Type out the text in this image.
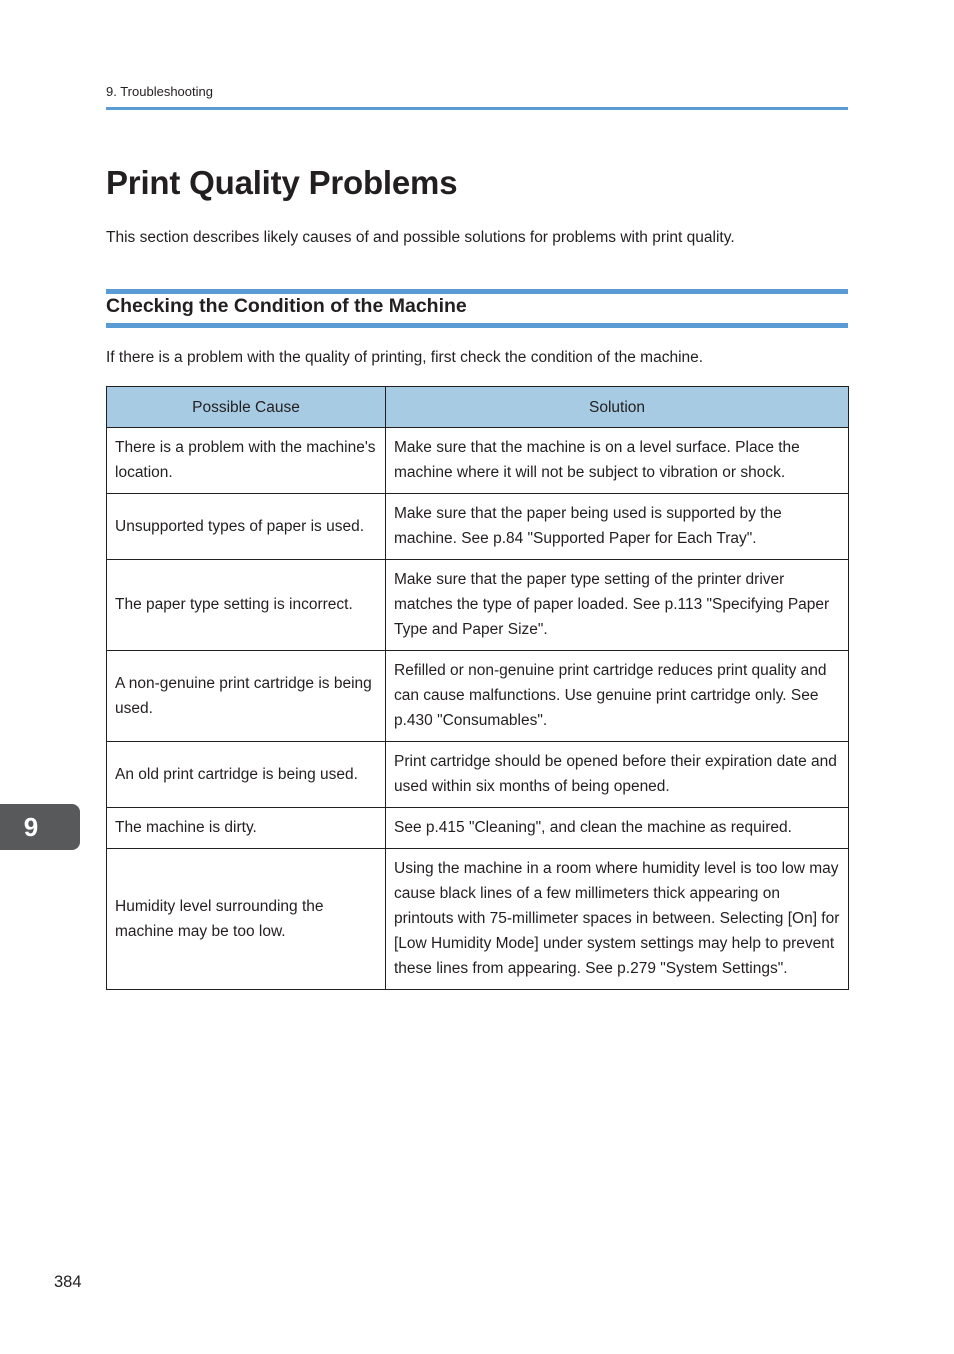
9. Troubleshooting
Print Quality Problems

This section describes likely causes of and possible solutions for problems with print quality.

Checking the Condition of the Machine

If there is a problem with the quality of printing, first check the condition of the machine.

Possible Cause	Solution
There is a problem with the machine's location.	Make sure that the machine is on a level surface. Place the machine where it will not be subject to vibration or shock.
Unsupported types of paper is used.	Make sure that the paper being used is supported by the machine. See p.84 "Supported Paper for Each Tray".
The paper type setting is incorrect.	Make sure that the paper type setting of the printer driver matches the type of paper loaded. See p.113 "Specifying Paper Type and Paper Size".
A non-genuine print cartridge is being used.	Refilled or non-genuine print cartridge reduces print quality and can cause malfunctions. Use genuine print cartridge only. See p.430 "Consumables".
An old print cartridge is being used.	Print cartridge should be opened before their expiration date and used within six months of being opened.
The machine is dirty.	See p.415 "Cleaning", and clean the machine as required.
Humidity level surrounding the machine may be too low.	Using the machine in a room where humidity level is too low may cause black lines of a few millimeters thick appearing on printouts with 75-millimeter spaces in between. Selecting [On] for [Low Humidity Mode] under system settings may help to prevent these lines from appearing. See p.279 "System Settings".
9
384
